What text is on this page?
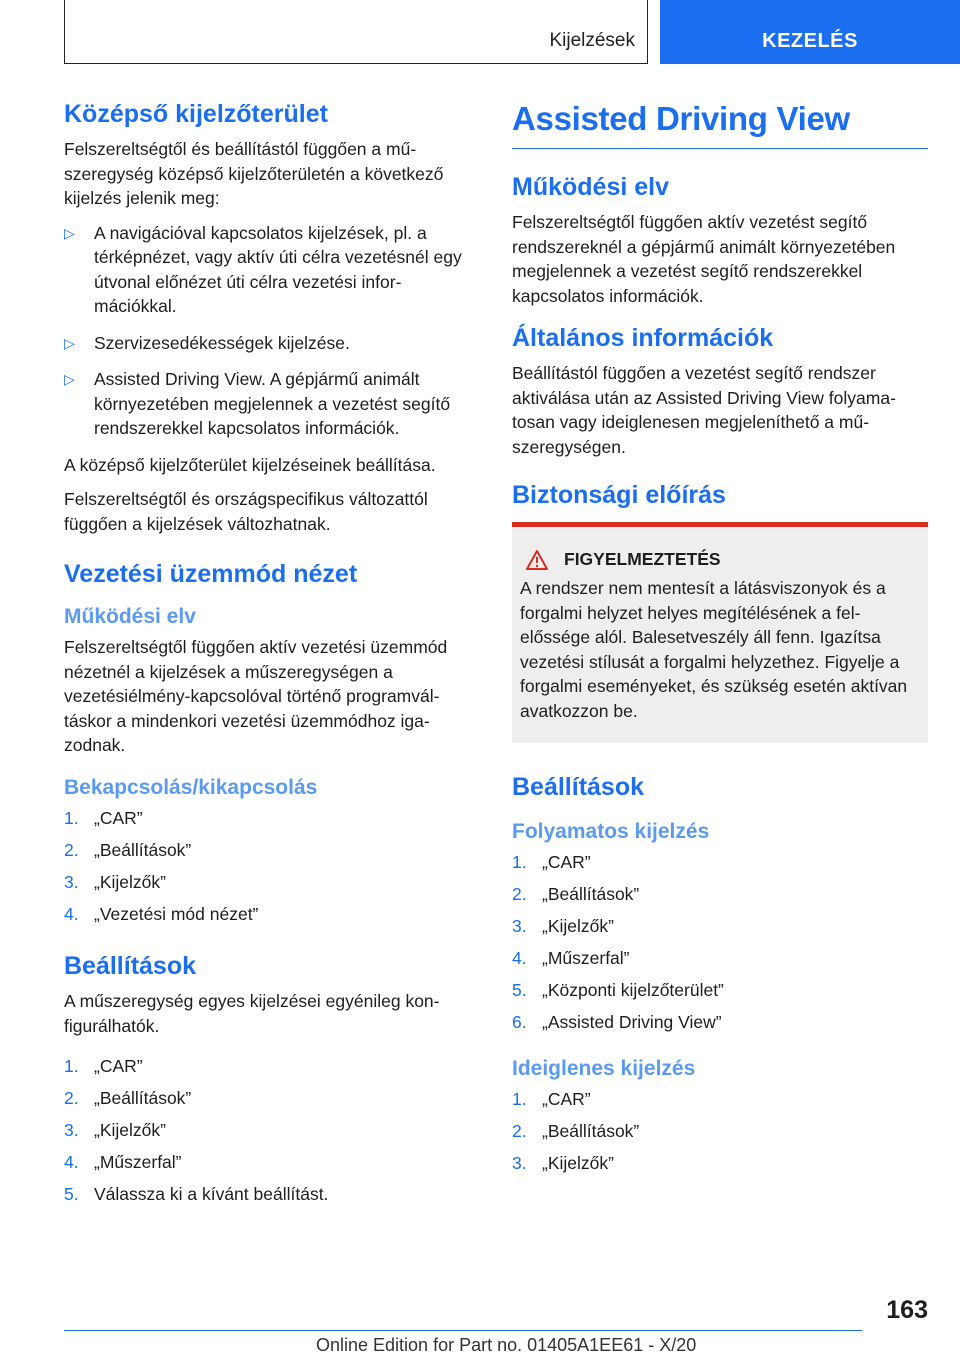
Kijelzések	KEZELÉS
Középső kijelzőterület

Felszereltségtől és beállítástól függően a műszeregység középső kijelzőterületén a következő kijelzés jelenik meg:

▷ A navigációval kapcsolatos kijelzések, pl. a térképnézet, vagy aktív úti célra vezetésnél egy útvonal előnézet úti célra vezetési információkkal.
▷ Szervizesedékességek kijelzése.
▷ Assisted Driving View. A gépjármű animált környezetében megjelennek a vezetést segítő rendszerekkel kapcsolatos információk.

A középső kijelzőterület kijelzéseinek beállítása.

Felszereltségtől és országspecifikus változattól függően a kijelzések változhatnak.

Vezetési üzemmód nézet
Működési elv

Felszereltségtől függően aktív vezetési üzemmód nézetnél a kijelzések a műszeregységen a vezetésiélmény-kapcsolóval történő programváltáskor a mindenkori vezetési üzemmódhoz igazodnak.

Bekapcsolás/kikapcsolás
1. „CAR”
2. „Beállítások”
3. „Kijelzők”
4. „Vezetési mód nézet”
Beállítások

A műszeregység egyes kijelzései egyénileg konfigurálhatók.

1. „CAR”
2. „Beállítások”
3. „Kijelzők”
4. „Műszerfal”
5. Válassza ki a kívánt beállítást.
Assisted Driving View
Működési elv

Felszereltségtől függően aktív vezetést segítő rendszereknél a gépjármű animált környezetében megjelennek a vezetést segítő rendszerekkel kapcsolatos információk.

Általános információk

Beállítástól függően a vezetést segítő rendszer aktiválása után az Assisted Driving View folyamatosan vagy ideiglenesen megjeleníthető a műszeregységen.

Biztonsági előírás
FIGYELMEZTETÉS

A rendszer nem mentesít a látásviszonyok és a forgalmi helyzet helyes megítélésének a felelőssége alól. Balesetveszély áll fenn. Igazítsa vezetési stílusát a forgalmi helyzethez. Figyelje a forgalmi eseményeket, és szükség esetén aktívan avatkozzon be.

Beállítások
Folyamatos kijelzés
1. „CAR”
2. „Beállítások”
3. „Kijelzők”
4. „Műszerfal”
5. „Központi kijelzőterület”
6. „Assisted Driving View”
Ideiglenes kijelzés
1. „CAR”
2. „Beállítások”
3. „Kijelzők”
163
Online Edition for Part no. 01405A1EE61 - X/20
